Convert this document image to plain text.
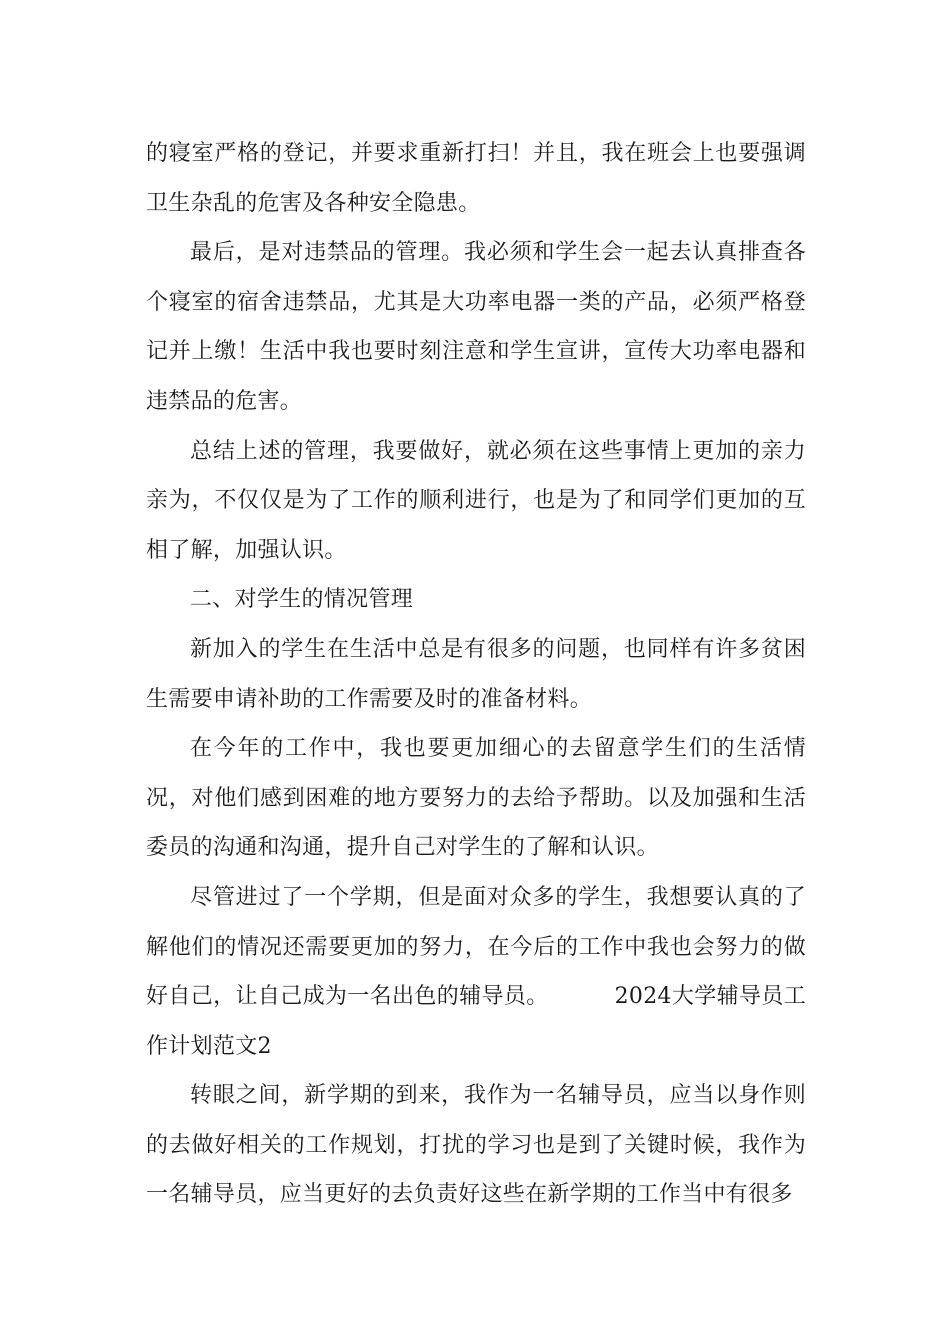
的寝室严格的登记，并要求重新打扫！并且，我在班会上也要强调卫生杂乱的危害及各种安全隐患。

最后，是对违禁品的管理。我必须和学生会一起去认真排查各个寝室的宿舍违禁品，尤其是大功率电器一类的产品，必须严格登记并上缴！生活中我也要时刻注意和学生宣讲，宣传大功率电器和违禁品的危害。

总结上述的管理，我要做好，就必须在这些事情上更加的亲力亲为，不仅仅是为了工作的顺利进行，也是为了和同学们更加的互相了解，加强认识。

二、对学生的情况管理

新加入的学生在生活中总是有很多的问题，也同样有许多贫困生需要申请补助的工作需要及时的准备材料。

在今年的工作中，我也要更加细心的去留意学生们的生活情况，对他们感到困难的地方要努力的去给予帮助。以及加强和生活委员的沟通和沟通，提升自己对学生的了解和认识。

尽管进过了一个学期，但是面对众多的学生，我想要认真的了解他们的情况还需要更加的努力，在今后的工作中我也会努力的做好自己，让自己成为一名出色的辅导员。	2024大学辅导员工作计划范文2

转眼之间，新学期的到来，我作为一名辅导员，应当以身作则的去做好相关的工作规划，打扰的学习也是到了关键时候，我作为一名辅导员，应当更好的去负责好这些在新学期的工作当中有很多
